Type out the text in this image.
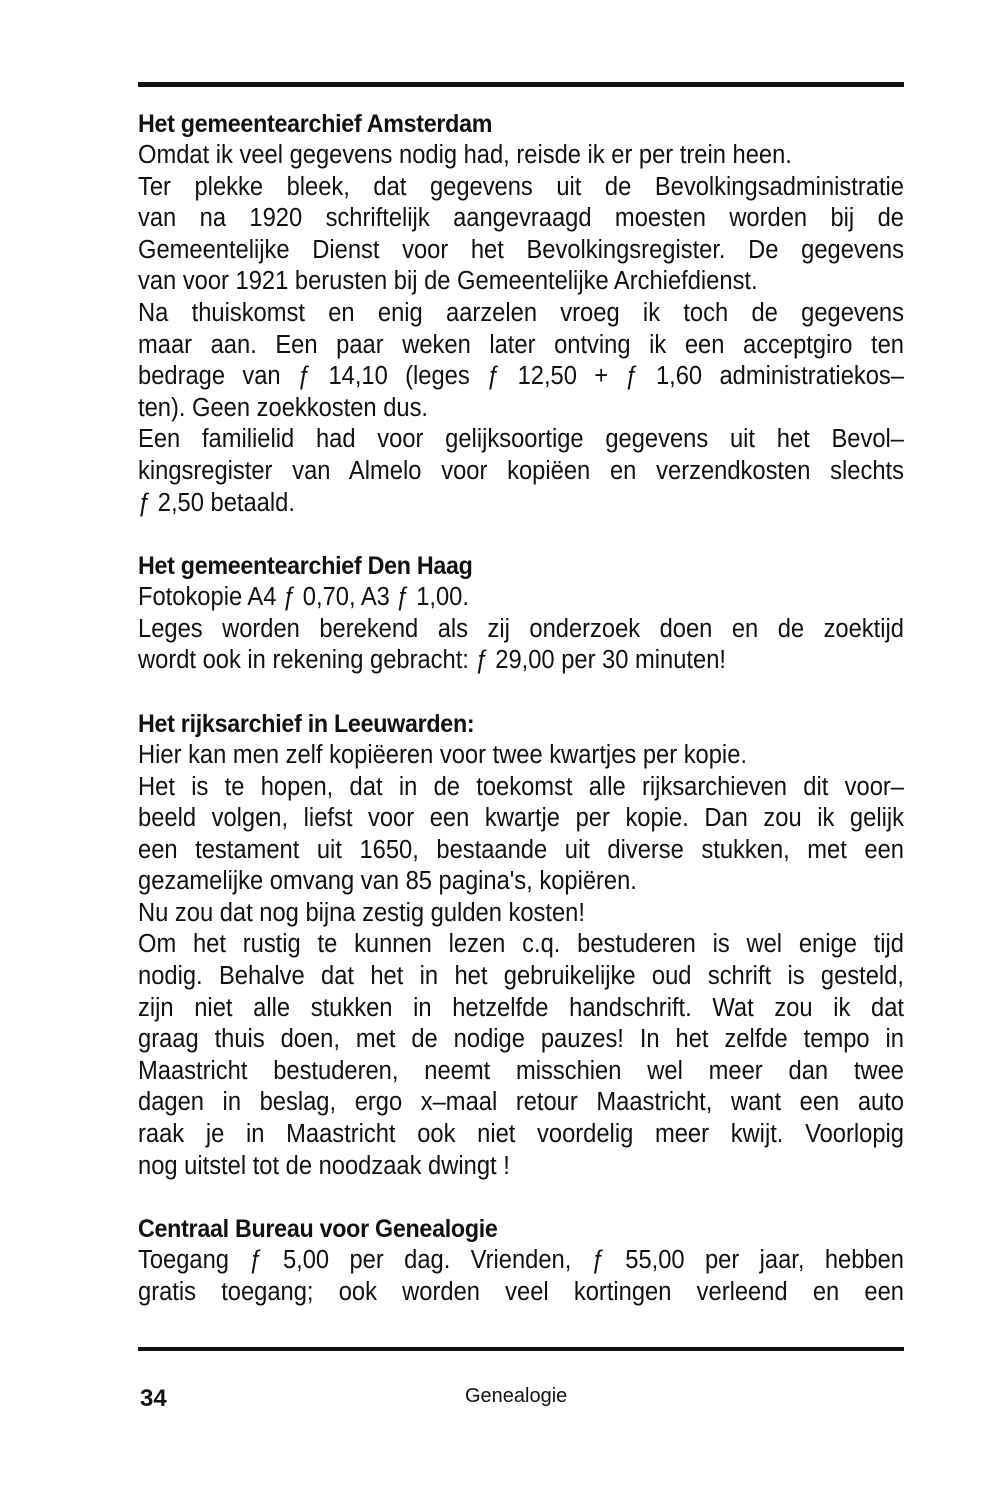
Het gemeentearchief Amsterdam
Omdat ik veel gegevens nodig had, reisde ik er per trein heen.
Ter plekke bleek, dat gegevens uit de Bevolkingsadministratie
van na 1920 schriftelijk aangevraagd moesten worden bij de
Gemeentelijke Dienst voor het Bevolkingsregister. De gegevens
van voor 1921 berusten bij de Gemeentelijke Archiefdienst.
Na thuiskomst en enig aarzelen vroeg ik toch de gegevens
maar aan. Een paar weken later ontving ik een acceptgiro ten
bedrage van ƒ 14,10 (leges ƒ 12,50 + ƒ 1,60 administratiekos–
ten). Geen zoekkosten dus.
Een familielid had voor gelijksoortige gegevens uit het Bevol–
kingsregister van Almelo voor kopiëen en verzendkosten slechts
ƒ 2,50 betaald.
Het gemeentearchief Den Haag
Fotokopie A4 ƒ 0,70, A3 ƒ 1,00.
Leges worden berekend als zij onderzoek doen en de zoektijd
wordt ook in rekening gebracht: ƒ 29,00 per 30 minuten!
Het rijksarchief in Leeuwarden:
Hier kan men zelf kopiëeren voor twee kwartjes per kopie.
Het is te hopen, dat in de toekomst alle rijksarchieven dit voor–
beeld volgen, liefst voor een kwartje per kopie. Dan zou ik gelijk
een testament uit 1650, bestaande uit diverse stukken, met een
gezamelijke omvang van 85 pagina's, kopiëren.
Nu zou dat nog bijna zestig gulden kosten!
Om het rustig te kunnen lezen c.q. bestuderen is wel enige tijd
nodig. Behalve dat het in het gebruikelijke oud schrift is gesteld,
zijn niet alle stukken in hetzelfde handschrift. Wat zou ik dat
graag thuis doen, met de nodige pauzes! In het zelfde tempo in
Maastricht bestuderen, neemt misschien wel meer dan twee
dagen in beslag, ergo x–maal retour Maastricht, want een auto
raak je in Maastricht ook niet voordelig meer kwijt. Voorlopig
nog uitstel tot de noodzaak dwingt !
Centraal Bureau voor Genealogie
Toegang ƒ 5,00 per dag. Vrienden, ƒ 55,00 per jaar, hebben
gratis toegang; ook worden veel kortingen verleend en een
34	Genealogie
